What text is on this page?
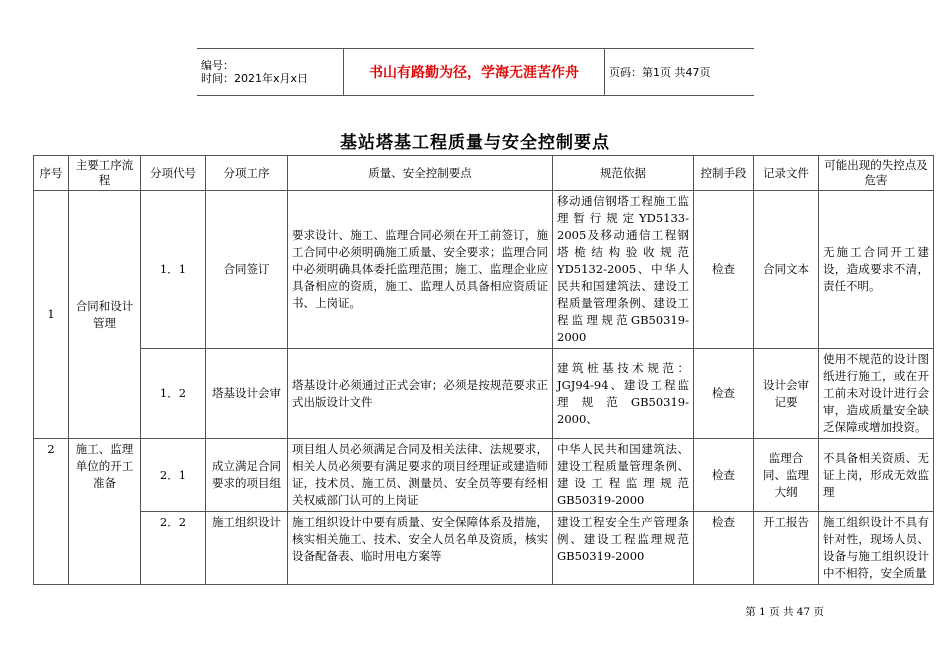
编号：
时间：2021年x月x日	书山有路勤为径，学海无涯苦作舟	页码：第1页 共47页
基站塔基工程质量与安全控制要点
序号	主要工序流程	分项代号	分项工序	质量、安全控制要点	规范依据	控制手段	记录文件	可能出现的失控点及危害
1	合同和设计管理	1．1	合同签订	要求设计、施工、监理合同必须在开工前签订，施工合同中必须明确施工质量、安全要求；监理合同中必须明确具体委托监理范围；施工、监理企业应具备相应的资质，施工、监理人员具备相应资质证书、上岗证。	移动通信钢塔工程施工监理暂行规定YD5133-2005及移动通信工程钢塔桅结构验收规范YD5132-2005、中华人民共和国建筑法、建设工程质量管理条例、建设工程监理规范GB50319-2000	检查	合同文本	无施工合同开工建设，造成要求不清，责任不明。
		1．2	塔基设计会审	塔基设计必须通过正式会审；必须是按规范要求正式出版设计文件	建筑桩基技术规范：JGJ94-94、建设工程监理规范GB50319-2000、	检查	设计会审记要	使用不规范的设计图纸进行施工，或在开工前未对设计进行会审，造成质量安全缺乏保障或增加投资。
2	施工、监理单位的开工准备	2．1	成立满足合同要求的项目组	项目组人员必须满足合同及相关法律、法规要求，相关人员必须要有满足要求的项目经理证或建造师证，技术员、施工员、测量员、安全员等要有经相关权威部门认可的上岗证	中华人民共和国建筑法、建设工程质量管理条例、建设工程监理规范GB50319-2000	检查	监理合同、监理大纲	不具备相关资质、无证上岗，形成无效监理
		2．2	施工组织设计	施工组织设计中要有质量、安全保障体系及措施，核实相关施工、技术、安全人员名单及资质，核实设备配备表、临时用电方案等	建设工程安全生产管理条例、建设工程监理规范GB50319-2000	检查	开工报告	施工组织设计不具有针对性，现场人员、设备与施工组织设计中不相符，安全质量
第 1 页 共 47 页
